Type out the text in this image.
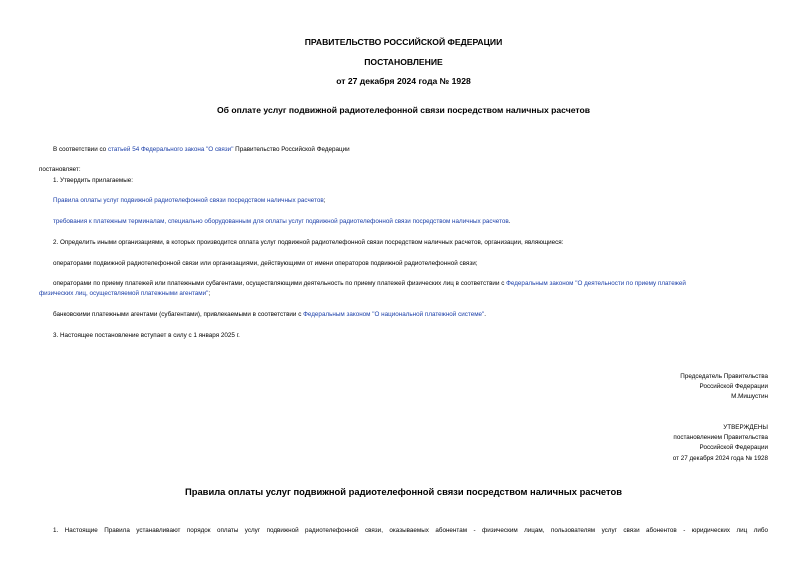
ПРАВИТЕЛЬСТВО РОССИЙСКОЙ ФЕДЕРАЦИИ
ПОСТАНОВЛЕНИЕ
от 27 декабря 2024 года № 1928
Об оплате услуг подвижной радиотелефонной связи посредством наличных расчетов
В соответствии со статьей 54 Федерального закона "О связи" Правительство Российской Федерации
постановляет:
1. Утвердить прилагаемые:
Правила оплаты услуг подвижной радиотелефонной связи посредством наличных расчетов;
требования к платежным терминалам, специально оборудованным для оплаты услуг подвижной радиотелефонной связи посредством наличных расчетов.
2. Определить иными организациями, в которых производится оплата услуг подвижной радиотелефонной связи посредством наличных расчетов, организации, являющиеся:
операторами подвижной радиотелефонной связи или организациями, действующими от имени операторов подвижной радиотелефонной связи;
операторами по приему платежей или платежными субагентами, осуществляющими деятельность по приему платежей физических лиц в соответствии с Федеральным законом "О деятельности по приему платежей
физических лиц, осуществляемой платежными агентами";
банковскими платежными агентами (субагентами), привлекаемыми в соответствии с Федеральным законом "О национальной платежной системе".
3. Настоящее постановление вступает в силу с 1 января 2025 г.
Председатель Правительства
Российской Федерации
М.Мишустин
УТВЕРЖДЕНЫ
постановлением Правительства
Российской Федерации
от 27 декабря 2024 года № 1928
Правила оплаты услуг подвижной радиотелефонной связи посредством наличных расчетов
1. Настоящие Правила устанавливают порядок оплаты услуг подвижной радиотелефонной связи, оказываемых абонентам - физическим лицам, пользователям услуг связи абонентов - юридических лиц либо
